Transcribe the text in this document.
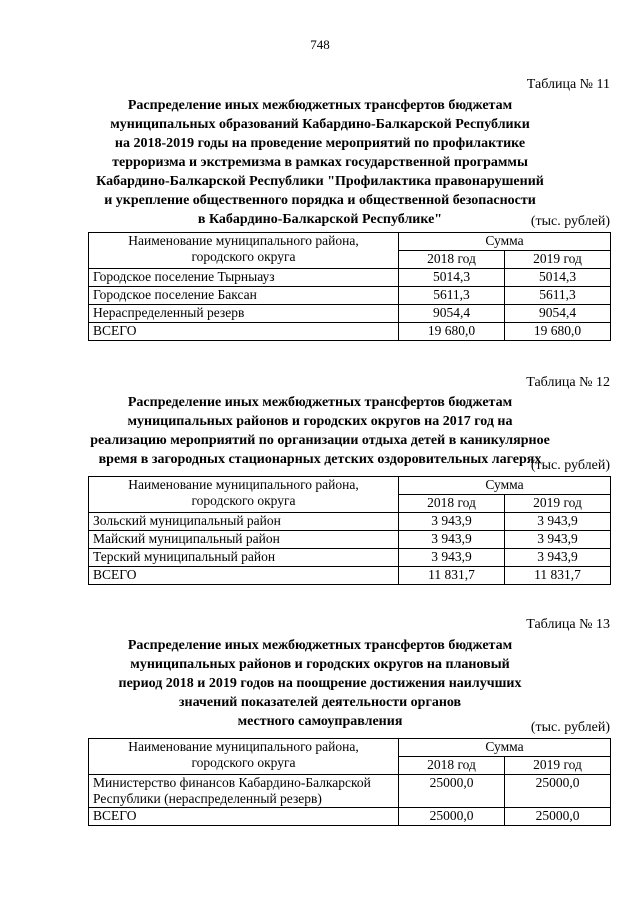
748
Таблица № 11
Распределение иных межбюджетных трансфертов бюджетам
муниципальных образований Кабардино-Балкарской Республики
на 2018-2019 годы на проведение мероприятий по профилактике
терроризма и экстремизма в рамках государственной программы
Кабардино-Балкарской Республики "Профилактика правонарушений
и укрепление общественного порядка и общественной безопасности
в Кабардино-Балкарской Республике"	(тыс. рублей)
Наименование муниципального района,
городского округа	Сумма	
	2018 год	2019 год
Городское поселение Тырныауз	5014,3	5014,3
Городское поселение Баксан	5611,3	5611,3
Нераспределенный резерв	9054,4	9054,4
ВСЕГО	19 680,0	19 680,0
Таблица № 12
Распределение иных межбюджетных трансфертов бюджетам
муниципальных районов и городских округов на 2017 год на
реализацию мероприятий по организации отдыха детей в каникулярное
время в загородных стационарных детских оздоровительных лагерях
(тыс. рублей)
Наименование муниципального района,
городского округа	Сумма	
	2018 год	2019 год
Зольский муниципальный район	3 943,9	3 943,9
Майский муниципальный район	3 943,9	3 943,9
Терский муниципальный район	3 943,9	3 943,9
ВСЕГО	11 831,7	11 831,7
Таблица № 13
Распределение иных межбюджетных трансфертов бюджетам
муниципальных районов и городских округов на плановый
период 2018 и 2019 годов на поощрение достижения наилучших
значений показателей деятельности органов
местного самоуправления	(тыс. рублей)
Наименование муниципального района,
городского округа	Сумма	
	2018 год	2019 год
Министерство финансов Кабардино-Балкарской Республики (нераспределенный резерв)	25000,0	25000,0
ВСЕГО	25000,0	25000,0
